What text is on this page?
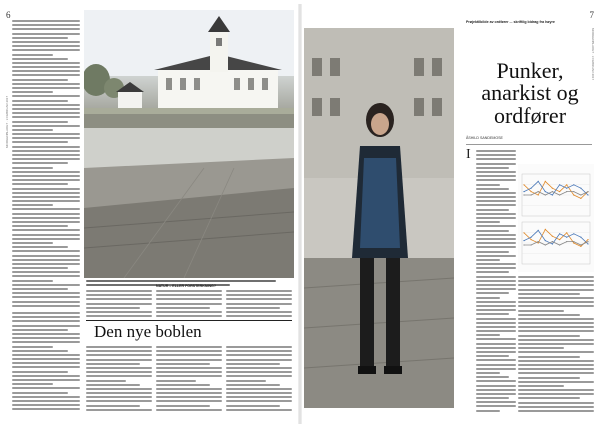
6
MORGENBLADET · 3 FEBRUAR 2017
NATUR – ELLER FORSTERKNING?
Den nye boblen
7
MORGENBLADET · 3 FEBRUAR 2017
Prøjektilbilde av ordfører ... skriftlig bidrag fra høyre
Punker, anarkist og ordfører
ÅSHILD SANDEMOSE
I
